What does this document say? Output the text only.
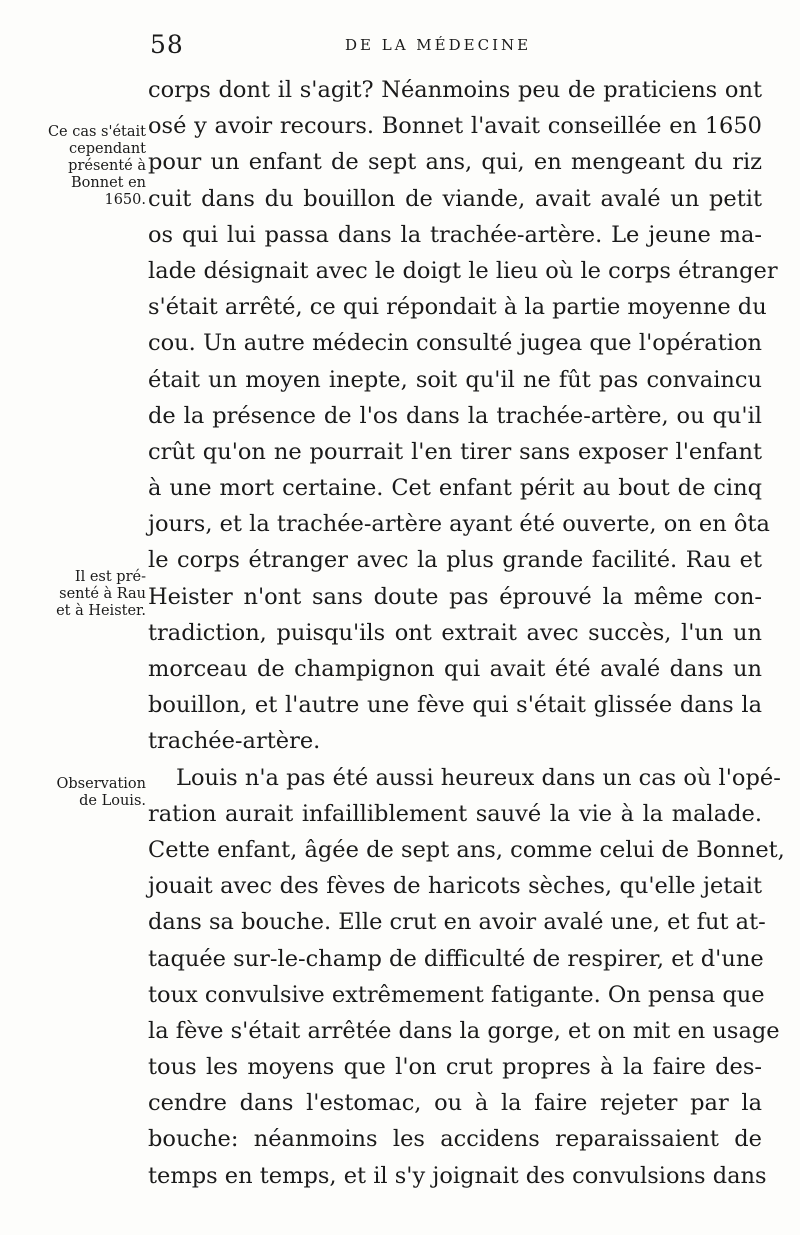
58	DE LA MÉDECINE
Ce cas s'était
cependant
présenté à
Bonnet en
1650.
Il est pré-
senté à Rau
et à Heister.
Observation
de Louis.
corps dont il s'agit? Néanmoins peu de praticiens ont
osé y avoir recours. Bonnet l'avait conseillée en 1650
pour un enfant de sept ans, qui, en mengeant du riz
cuit dans du bouillon de viande, avait avalé un petit
os qui lui passa dans la trachée-artère. Le jeune ma-
lade désignait avec le doigt le lieu où le corps étranger
s'était arrêté, ce qui répondait à la partie moyenne du
cou. Un autre médecin consulté jugea que l'opération
était un moyen inepte, soit qu'il ne fût pas convaincu
de la présence de l'os dans la trachée-artère, ou qu'il
crût qu'on ne pourrait l'en tirer sans exposer l'enfant
à une mort certaine. Cet enfant périt au bout de cinq
jours, et la trachée-artère ayant été ouverte, on en ôta
le corps étranger avec la plus grande facilité. Rau et
Heister n'ont sans doute pas éprouvé la même con-
tradiction, puisqu'ils ont extrait avec succès, l'un un
morceau de champignon qui avait été avalé dans un
bouillon, et l'autre une fève qui s'était glissée dans la
trachée-artère.
Louis n'a pas été aussi heureux dans un cas où l'opé-
ration aurait infailliblement sauvé la vie à la malade.
Cette enfant, âgée de sept ans, comme celui de Bonnet,
jouait avec des fèves de haricots sèches, qu'elle jetait
dans sa bouche. Elle crut en avoir avalé une, et fut at-
taquée sur-le-champ de difficulté de respirer, et d'une
toux convulsive extrêmement fatigante. On pensa que
la fève s'était arrêtée dans la gorge, et on mit en usage
tous les moyens que l'on crut propres à la faire des-
cendre dans l'estomac, ou à la faire rejeter par la
bouche: néanmoins les accidens reparaissaient de
temps en temps, et il s'y joignait des convulsions dans
